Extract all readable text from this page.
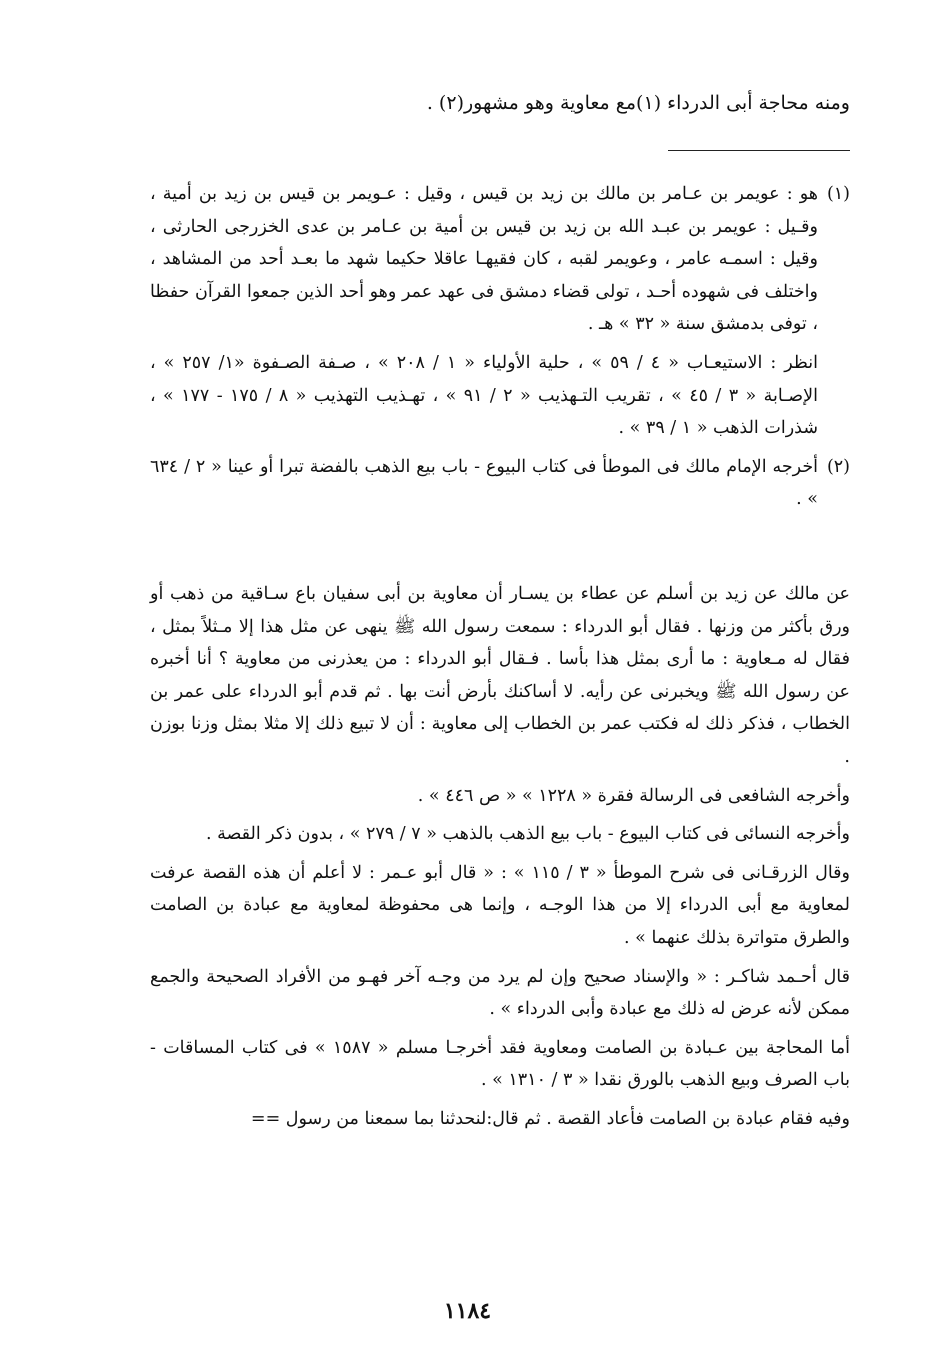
ومنه محاجة أبى الدرداء (١)مع معاوية وهو مشهور(٢) .
(١)هو : عويمر بن عـامر بن مالك بن زيد بن قيس ، وقيل : عـويمر بن قيس بن زيد بن أمية ، وقـيل : عويمر بن عبـد الله بن زيد بن قيس بن أمية بن عـامر بن عدى الخزرجى الحارثى ، وقيل : اسمـه عامر ، وعويمر لقبه ، كان فقيهـا عاقلا حكيما شهد ما بعـد أحد من المشاهد ، واختلف فى شهوده أحـد ، تولى قضاء دمشق فى عهد عمر وهو أحد الذين جمعوا القرآن حفظا ، توفى بدمشق سنة « ٣٢ » هـ .
انظر : الاستيعـاب « ٤ / ٥٩ » ، حلية الأولياء « ١ / ٢٠٨ » ، صـفة الصـفوة «١/ ٢٥٧ » ، الإصـابة « ٣ / ٤٥ » ، تقريب التـهذيب « ٢ / ٩١ » ، تهـذيب التهذيب « ٨ / ١٧٥ - ١٧٧ » ، شذرات الذهب « ١ / ٣٩ » .
(٢)أخرجه الإمام مالك فى الموطأ فى كتاب البيوع - باب بيع الذهب بالفضة تبرا أو عينا « ٢ / ٦٣٤ » .
عن مالك عن زيد بن أسلم عن عطاء بن يسـار أن معاوية بن أبى سفيان باع سـاقية من ذهب أو ورق بأكثر من وزنها . فقال أبو الدرداء : سمعت رسول الله ﷺ ينهى عن مثل هذا إلا مـثلاً بمثل ، فقال له مـعاوية : ما أرى بمثل هذا بأسا . فـقال أبو الدرداء : من يعذرنى من معاوية ؟ أنا أخبره عن رسول الله ﷺ ويخبرنى عن رأيه. لا أساكنك بأرض أنت بها . ثم قدم أبو الدرداء على عمر بن الخطاب ، فذكر ذلك له فكتب عمر بن الخطاب إلى معاوية : أن لا تبيع ذلك إلا مثلا بمثل وزنا بوزن .
وأخرجه الشافعى فى الرسالة فقرة « ١٢٢٨ » « ص ٤٤٦ » .
وأخرجه النسائى فى كتاب البيوع - باب بيع الذهب بالذهب « ٧ / ٢٧٩ » ، بدون ذكر القصة .
وقال الزرقـانى فى شرح الموطأ « ٣ / ١١٥ » : « قال أبو عـمر : لا أعلم أن هذه القصة عرفت لمعاوية مع أبى الدرداء إلا من هذا الوجـه ، وإنما هى محفوظة لمعاوية مع عبادة بن الصامت والطرق متواترة بذلك عنهما » .
قال أحـمد شاكـر : « والإسناد صحيح وإن لم يرد من وجـه آخر فهـو من الأفراد الصحيحة والجمع ممكن لأنه عرض له ذلك مع عبادة وأبى الدرداء » .
أما المحاجة بين عـبادة بن الصامت ومعاوية فقد أخرجـا مسلم « ١٥٨٧ » فى كتاب المساقات - باب الصرف وبيع الذهب بالورق نقدا « ٣ / ١٣١٠ » .
وفيه فقام عبادة بن الصامت فأعاد القصة . ثم قال:لنحدثنا بما سمعنا من رسول ==
١١٨٤
